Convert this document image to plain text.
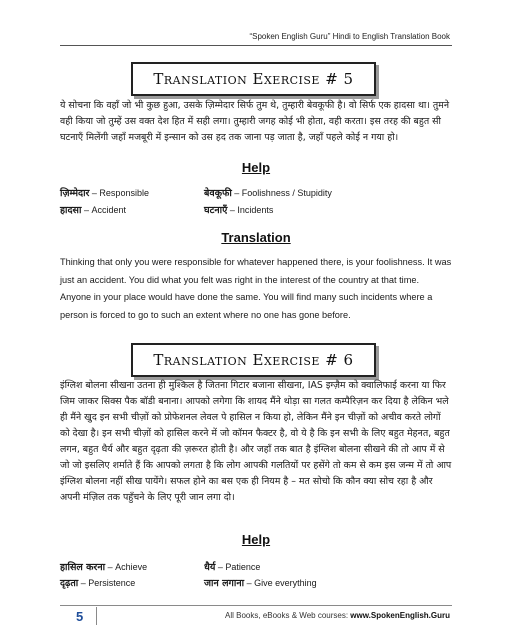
“Spoken English Guru” Hindi to English Translation Book
Translation Exercise # 5
ये सोचना कि वहाँ जो भी कुछ हुआ, उसके ज़िम्मेदार सिर्फ तुम थे, तुम्हारी बेवकूफी है। वो सिर्फ एक हादसा था। तुमने वही किया जो तुम्हें उस वक्त देश हित में सही लगा। तुम्हारी जगह कोई भी होता, वही करता। इस तरह की बहुत सी घटनाएँ मिलेंगी जहाँ मजबूरी में इन्सान को उस हद तक जाना पड़ जाता है, जहाँ पहले कोई न गया हो।
Help
ज़िम्मेदार – Responsible	बेवकूफी – Foolishness / Stupidity
हादसा – Accident	घटनाएँ – Incidents
Translation
Thinking that only you were responsible for whatever happened there, is your foolishness. It was just an accident. You did what you felt was right in the interest of the country at that time. Anyone in your place would have done the same. You will find many such incidents where a person is forced to go to such an extent where no one has gone before.
Translation Exercise # 6
इंग्लिश बोलना सीखना उतना ही मुश्किल है जितना गिटार बजाना सीखना, IAS इग्ज़ैम को क्वालिफाई करना या फिर जिम जाकर सिक्स पैक बॉडी बनाना। आपको लगेगा कि शायद मैंने थोड़ा सा गलत कम्पैरिज़न कर दिया है लेकिन भले ही मैंने खुद इन सभी चीज़ों को प्रोफेशनल लेवल पे हासिल न किया हो, लेकिन मैंने इन चीज़ों को अचीव करते लोगों को देखा है। इन सभी चीज़ों को हासिल करने में जो कॉमन फैक्टर है, वो ये है कि इन सभी के लिए बहुत मेहनत, बहुत लगन, बहुत धैर्य और बहुत दृढ़ता की ज़रूरत होती है। और जहाँ तक बात है इंग्लिश बोलना सीखने की तो आप में से जो जो इसलिए शर्माते हैं कि आपको लगता है कि लोग आपकी गलतियों पर हसेंगे तो कम से कम इस जन्म में तो आप इंग्लिश बोलना नहीं सीख पायेंगे। सफल होने का बस एक ही नियम है – मत सोचो कि कौन क्या सोच रहा है और अपनी मंज़िल तक पहुँचने के लिए पूरी जान लगा दो।
Help
हासिल करना – Achieve	धैर्य – Patience
दृढ़ता – Persistence	जान लगाना – Give everything
5	All Books, eBooks & Web courses: www.SpokenEnglish.Guru
